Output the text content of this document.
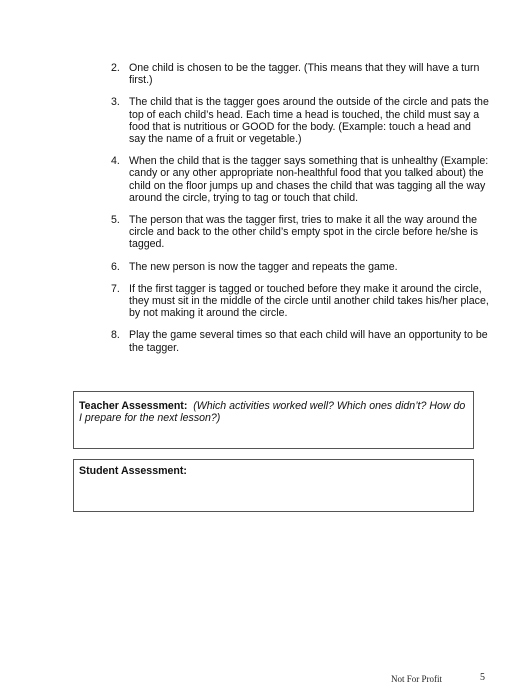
2. One child is chosen to be the tagger. (This means that they will have a turn first.)
3. The child that is the tagger goes around the outside of the circle and pats the top of each child’s head. Each time a head is touched, the child must say a food that is nutritious or GOOD for the body. (Example: touch a head and say the name of a fruit or vegetable.)
4. When the child that is the tagger says something that is unhealthy (Example: candy or any other appropriate non-healthful food that you talked about) the child on the floor jumps up and chases the child that was tagging all the way around the circle, trying to tag or touch that child.
5. The person that was the tagger first, tries to make it all the way around the circle and back to the other child’s empty spot in the circle before he/she is tagged.
6. The new person is now the tagger and repeats the game.
7. If the first tagger is tagged or touched before they make it around the circle, they must sit in the middle of the circle until another child takes his/her place, by not making it around the circle.
8. Play the game several times so that each child will have an opportunity to be the tagger.
Teacher Assessment: (Which activities worked well? Which ones didn’t? How do I prepare for the next lesson?)
Student Assessment:
Not For Profit	5
